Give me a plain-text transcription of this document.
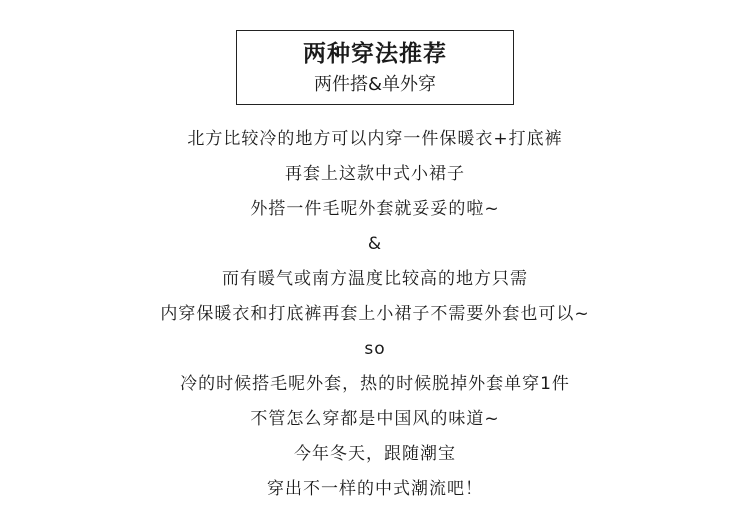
两种穿法推荐
两件搭&单外穿
北方比较冷的地方可以内穿一件保暖衣+打底裤
再套上这款中式小裙子
外搭一件毛呢外套就妥妥的啦~
&
而有暖气或南方温度比较高的地方只需
内穿保暖衣和打底裤再套上小裙子不需要外套也可以~
so
冷的时候搭毛呢外套，热的时候脱掉外套单穿1件
不管怎么穿都是中国风的味道~
今年冬天，跟随潮宝
穿出不一样的中式潮流吧！
